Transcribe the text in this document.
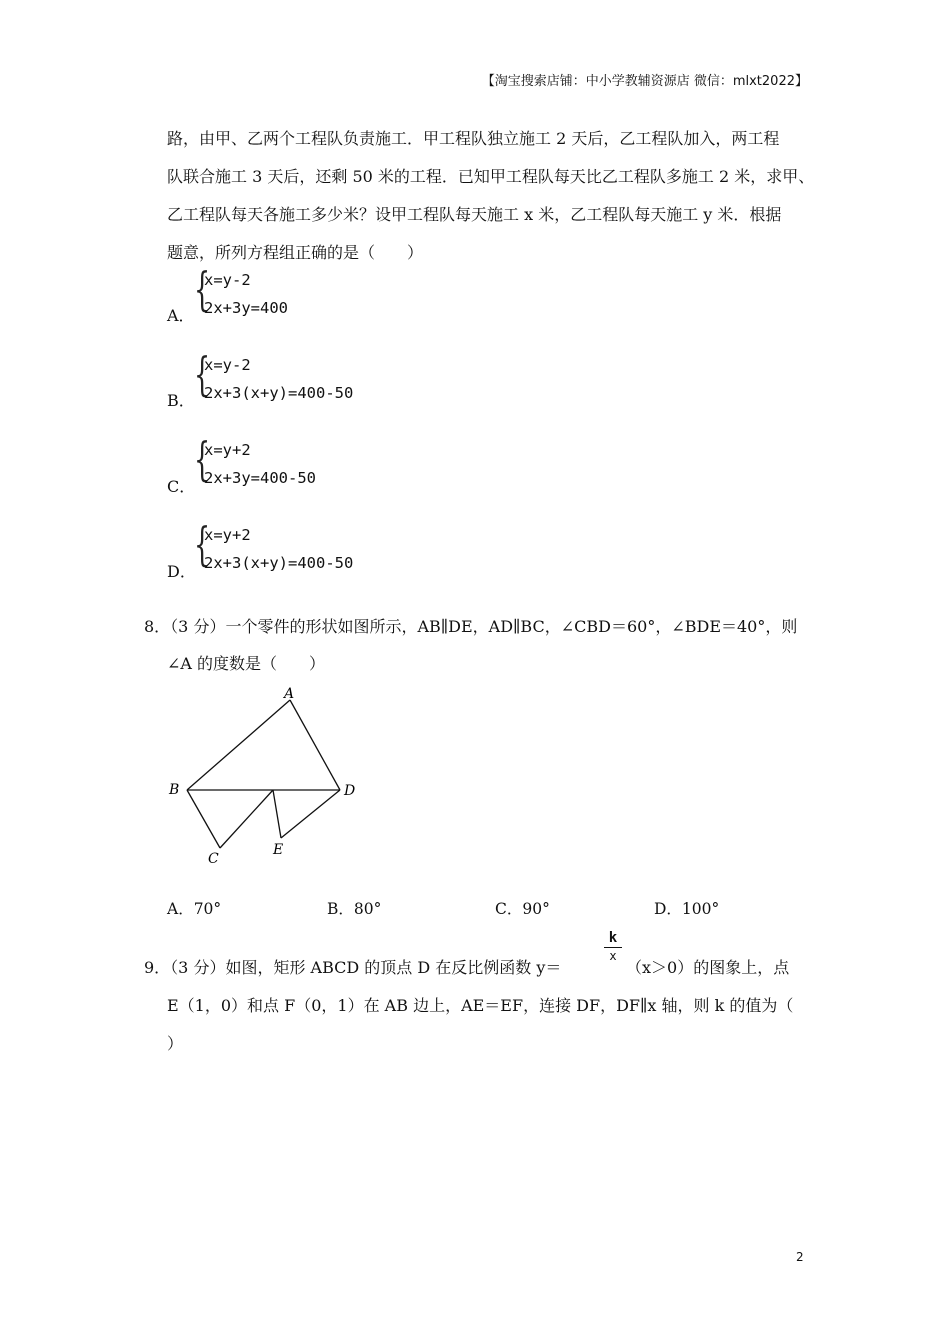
【淘宝搜索店铺：中小学教辅资源店 微信：mlxt2022】
路，由甲、乙两个工程队负责施工．甲工程队独立施工 2 天后，乙工程队加入，两工程
队联合施工 3 天后，还剩 50 米的工程．已知甲工程队每天比乙工程队多施工 2 米，求甲、
乙工程队每天各施工多少米？设甲工程队每天施工 x 米，乙工程队每天施工 y 米．根据
题意，所列方程组正确的是（　　）
A． {
x=y-2
2x+3y=400
B． {
x=y-2
2x+3(x+y)=400-50
C．
{
x=y+2
2x+3y=400-50
D．
{
x=y+2
2x+3(x+y)=400-50
8．（3 分）一个零件的形状如图所示，AB∥DE，AD∥BC，∠CBD＝60°，∠BDE＝40°，则
∠A 的度数是（　　）
A
B
C
D
E
A．70°	B．80°	C．90°	D．100°
9．（3 分）如图，矩形 ABCD 的顶点 D 在反比例函数 y＝
k
x
（x＞0）的图象上，点
E（1，0）和点 F（0，1）在 AB 边上，AE＝EF，连接 DF，DF∥x 轴，则 k 的值为（
）
2
